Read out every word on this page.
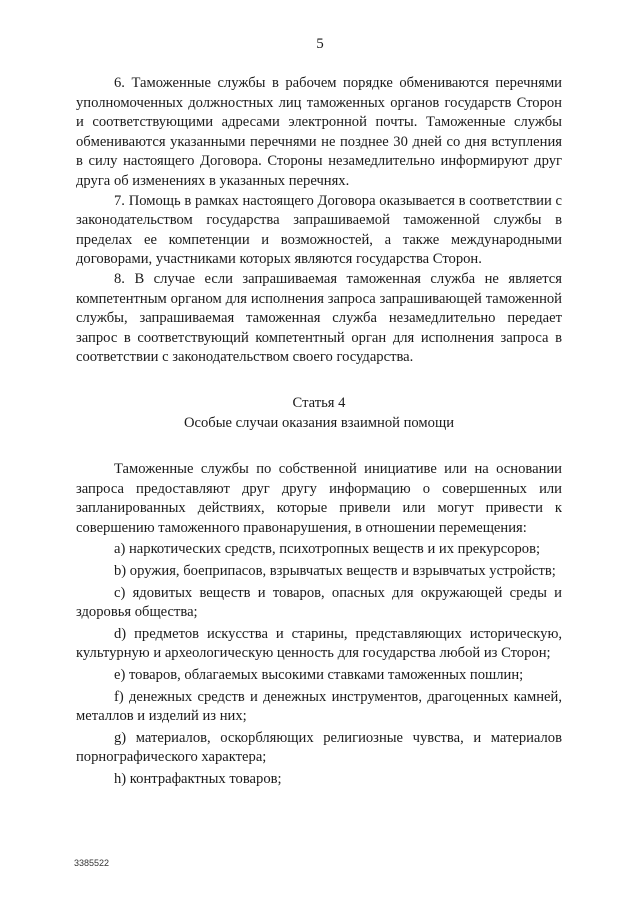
5

6. Таможенные службы в рабочем порядке обмениваются перечнями уполномоченных должностных лиц таможенных органов государств Сторон и соответствующими адресами электронной почты. Таможенные службы обмениваются указанными перечнями не позднее 30 дней со дня вступления в силу настоящего Договора. Стороны незамедлительно информируют друг друга об изменениях в указанных перечнях.

7. Помощь в рамках настоящего Договора оказывается в соответствии с законодательством государства запрашиваемой таможенной службы в пределах ее компетенции и возможностей, а также международными договорами, участниками которых являются государства Сторон.

8. В случае если запрашиваемая таможенная служба не является компетентным органом для исполнения запроса запрашивающей таможенной службы, запрашиваемая таможенная служба незамедлительно передает запрос в соответствующий компетентный орган для исполнения запроса в соответствии с законодательством своего государства.

Статья 4
Особые случаи оказания взаимной помощи

Таможенные службы по собственной инициативе или на основании запроса предоставляют друг другу информацию о совершенных или запланированных действиях, которые привели или могут привести к совершению таможенного правонарушения, в отношении перемещения:

a) наркотических средств, психотропных веществ и их прекурсоров;

b) оружия, боеприпасов, взрывчатых веществ и взрывчатых устройств;

c) ядовитых веществ и товаров, опасных для окружающей среды и здоровья общества;

d) предметов искусства и старины, представляющих историческую, культурную и археологическую ценность для государства любой из Сторон;

e) товаров, облагаемых высокими ставками таможенных пошлин;

f) денежных средств и денежных инструментов, драгоценных камней, металлов и изделий из них;

g) материалов, оскорбляющих религиозные чувства, и материалов порнографического характера;

h) контрафактных товаров;

3385522
